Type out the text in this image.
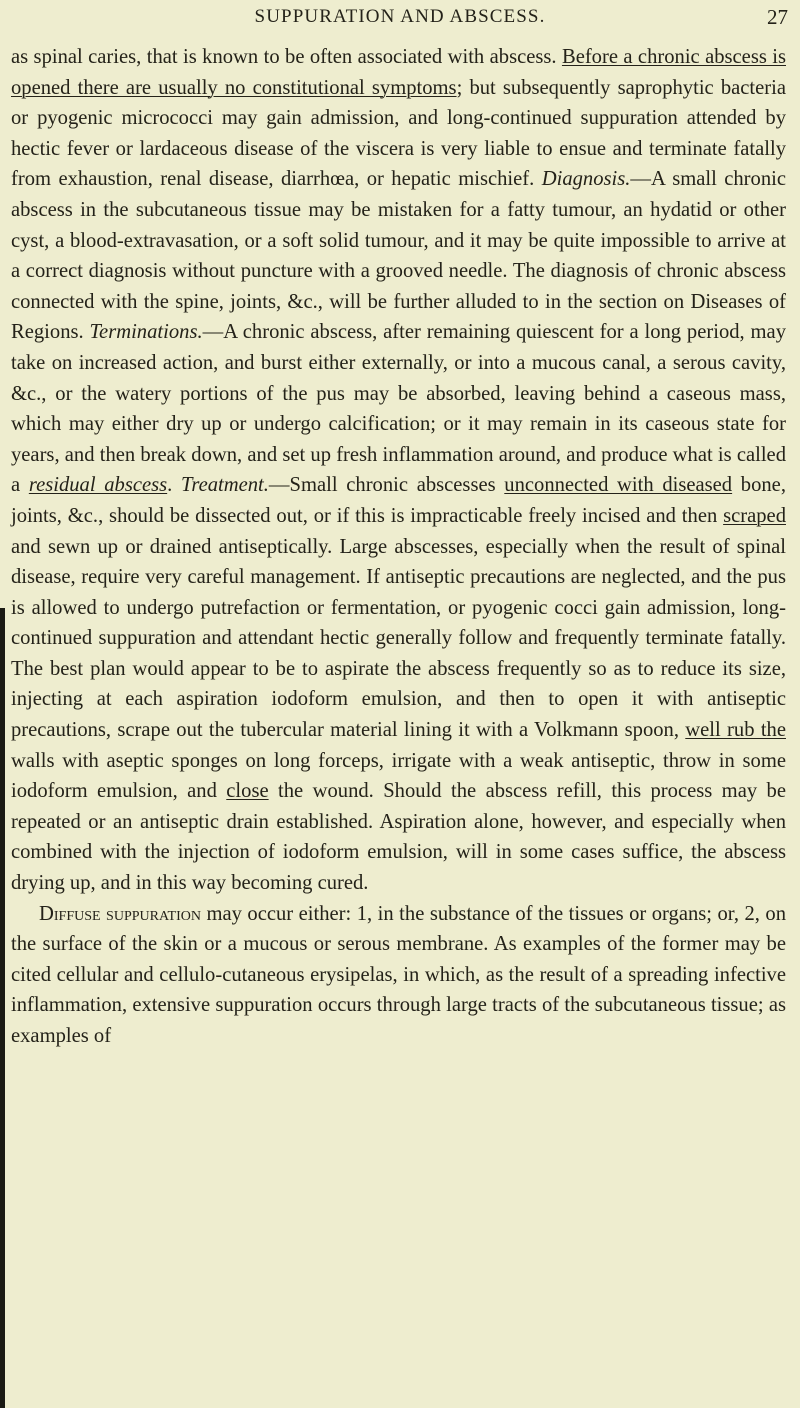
SUPPURATION AND ABSCESS.	27

as spinal caries, that is known to be often associated with abscess. Before a chronic abscess is opened there are usually no constitutional symptoms; but subsequently saprophytic bacteria or pyogenic micrococci may gain admission, and long-continued suppuration attended by hectic fever or lardaceous disease of the viscera is very liable to ensue and terminate fatally from exhaustion, renal disease, diarrhœa, or hepatic mischief. Diagnosis.—A small chronic abscess in the subcutaneous tissue may be mistaken for a fatty tumour, an hydatid or other cyst, a blood-extravasation, or a soft solid tumour, and it may be quite impossible to arrive at a correct diagnosis without puncture with a grooved needle. The diagnosis of chronic abscess connected with the spine, joints, &c., will be further alluded to in the section on Diseases of Regions. Terminations.—A chronic abscess, after remaining quiescent for a long period, may take on increased action, and burst either externally, or into a mucous canal, a serous cavity, &c., or the watery portions of the pus may be absorbed, leaving behind a caseous mass, which may either dry up or undergo calcification; or it may remain in its caseous state for years, and then break down, and set up fresh inflammation around, and produce what is called a residual abscess. Treatment.—Small chronic abscesses unconnected with diseased bone, joints, &c., should be dissected out, or if this is impracticable freely incised and then scraped and sewn up or drained antiseptically. Large abscesses, especially when the result of spinal disease, require very careful management. If antiseptic precautions are neglected, and the pus is allowed to undergo putrefaction or fermentation, or pyogenic cocci gain admission, long-continued suppuration and attendant hectic generally follow and frequently terminate fatally. The best plan would appear to be to aspirate the abscess frequently so as to reduce its size, injecting at each aspiration iodoform emulsion, and then to open it with antiseptic precautions, scrape out the tubercular material lining it with a Volkmann spoon, well rub the walls with aseptic sponges on long forceps, irrigate with a weak antiseptic, throw in some iodoform emulsion, and close the wound. Should the abscess refill, this process may be repeated or an antiseptic drain established. Aspiration alone, however, and especially when combined with the injection of iodoform emulsion, will in some cases suffice, the abscess drying up, and in this way becoming cured.

Diffuse suppuration may occur either: 1, in the substance of the tissues or organs; or, 2, on the surface of the skin or a mucous or serous membrane. As examples of the former may be cited cellular and cellulo-cutaneous erysipelas, in which, as the result of a spreading infective inflammation, extensive suppuration occurs through large tracts of the subcutaneous tissue; as examples of
